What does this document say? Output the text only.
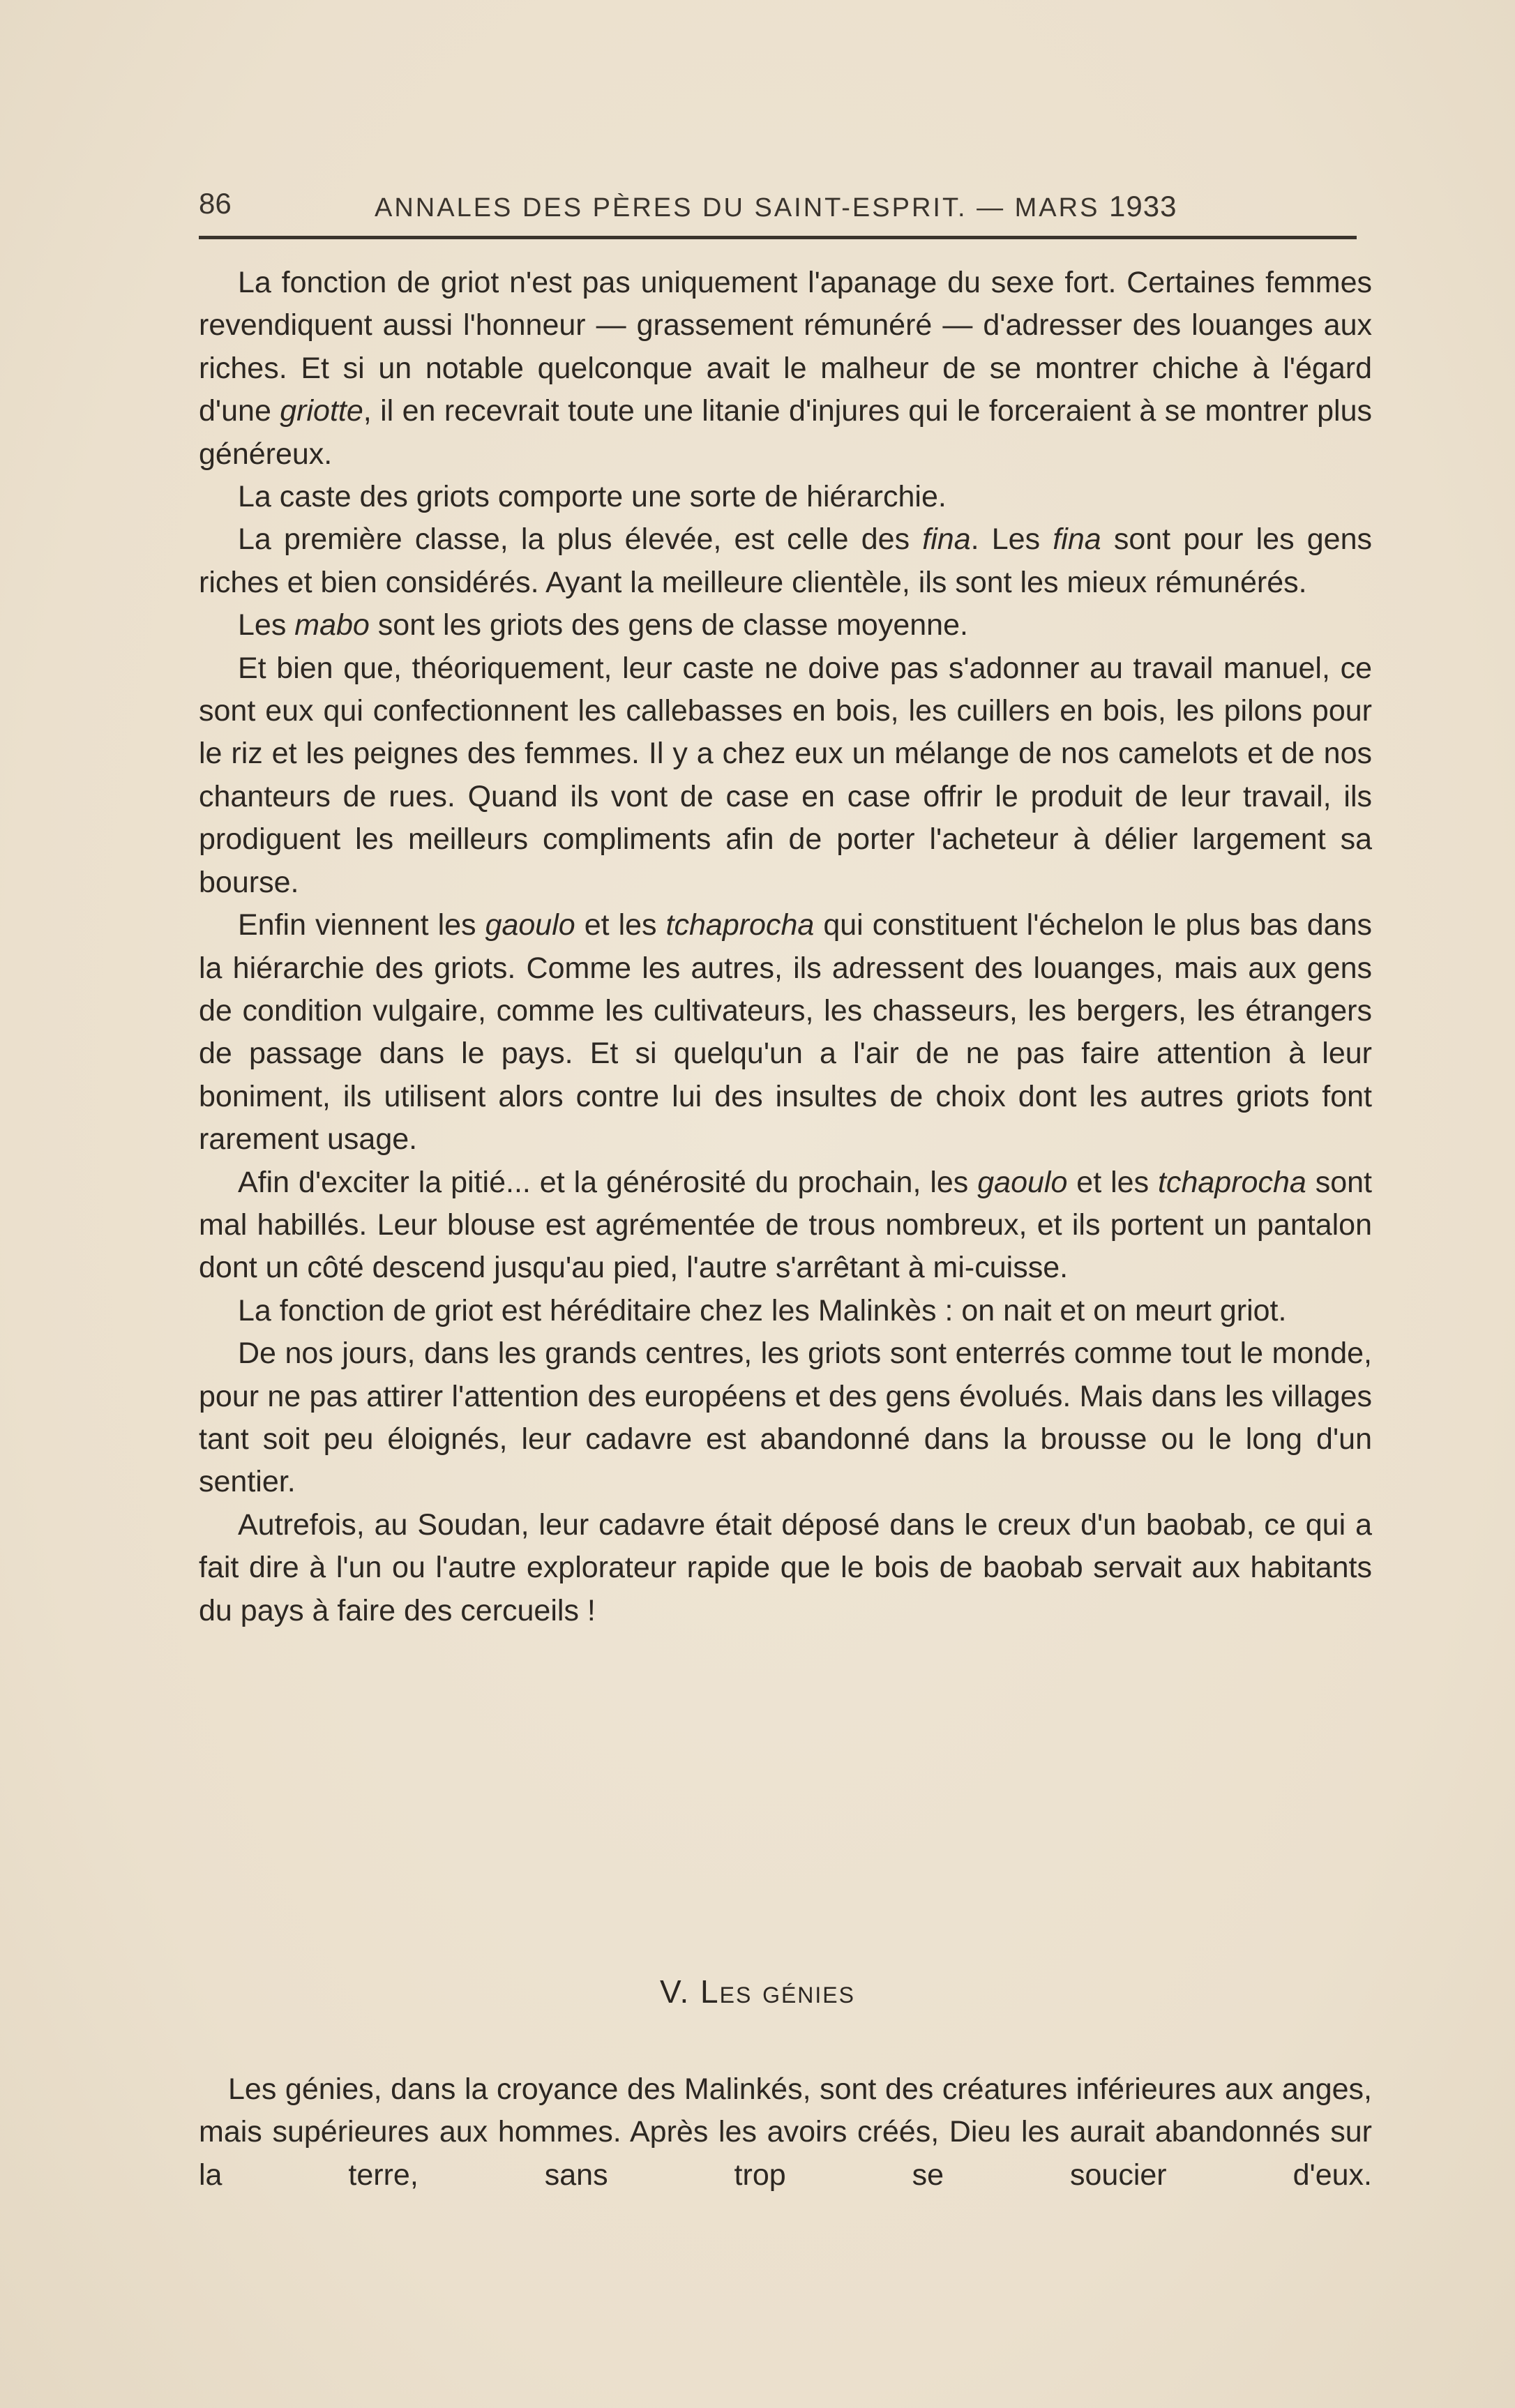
86	ANNALES DES PÈRES DU SAINT-ESPRIT. — MARS 1933

La fonction de griot n'est pas uniquement l'apanage du sexe fort. Certaines femmes revendiquent aussi l'honneur — grassement rémunéré — d'adresser des louanges aux riches. Et si un notable quelconque avait le malheur de se montrer chiche à l'égard d'une griotte, il en recevrait toute une litanie d'injures qui le forceraient à se montrer plus généreux.

La caste des griots comporte une sorte de hiérarchie.

La première classe, la plus élevée, est celle des fina. Les fina sont pour les gens riches et bien considérés. Ayant la meilleure clientèle, ils sont les mieux rémunérés.

Les mabo sont les griots des gens de classe moyenne.

Et bien que, théoriquement, leur caste ne doive pas s'adonner au travail manuel, ce sont eux qui confectionnent les callebasses en bois, les cuillers en bois, les pilons pour le riz et les peignes des femmes. Il y a chez eux un mélange de nos camelots et de nos chanteurs de rues. Quand ils vont de case en case offrir le produit de leur travail, ils prodiguent les meilleurs compliments afin de porter l'acheteur à délier largement sa bourse.

Enfin viennent les gaoulo et les tchaprocha qui constituent l'échelon le plus bas dans la hiérarchie des griots. Comme les autres, ils adressent des louanges, mais aux gens de condition vulgaire, comme les cultivateurs, les chasseurs, les bergers, les étrangers de passage dans le pays. Et si quelqu'un a l'air de ne pas faire attention à leur boniment, ils utilisent alors contre lui des insultes de choix dont les autres griots font rarement usage.

Afin d'exciter la pitié... et la générosité du prochain, les gaoulo et les tchaprocha sont mal habillés. Leur blouse est agrémentée de trous nombreux, et ils portent un pantalon dont un côté descend jusqu'au pied, l'autre s'arrêtant à mi-cuisse.

La fonction de griot est héréditaire chez les Malinkès : on nait et on meurt griot.

De nos jours, dans les grands centres, les griots sont enterrés comme tout le monde, pour ne pas attirer l'attention des européens et des gens évolués. Mais dans les villages tant soit peu éloignés, leur cadavre est abandonné dans la brousse ou le long d'un sentier.

Autrefois, au Soudan, leur cadavre était déposé dans le creux d'un baobab, ce qui a fait dire à l'un ou l'autre explorateur rapide que le bois de baobab servait aux habitants du pays à faire des cercueils !

V. Les génies

Les génies, dans la croyance des Malinkés, sont des créatures inférieures aux anges, mais supérieures aux hommes. Après les avoirs créés, Dieu les aurait abandonnés sur la terre, sans trop se soucier d'eux.
